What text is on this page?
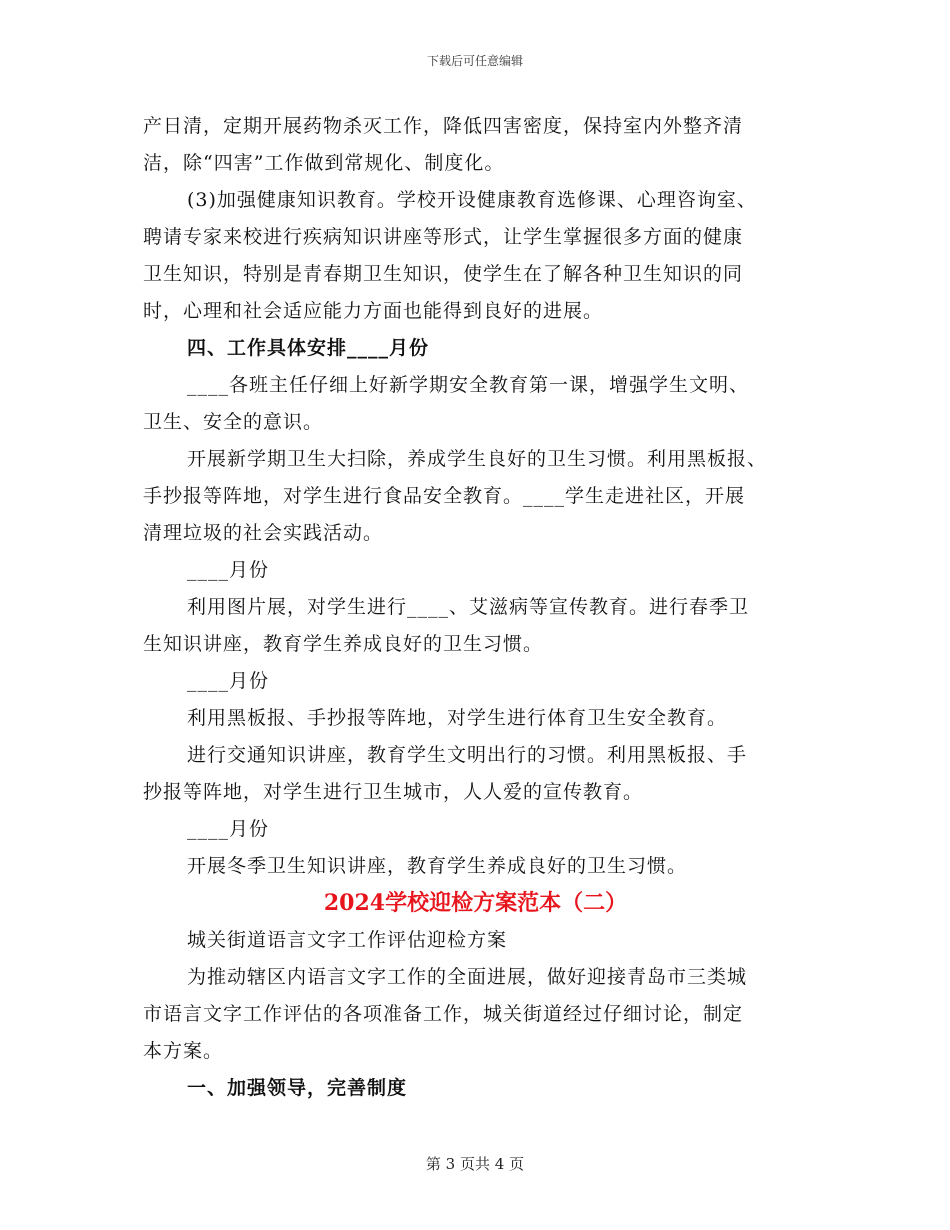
下载后可任意编辑
产日清，定期开展药物杀灭工作，降低四害密度，保持室内外整齐清
洁，除“四害”工作做到常规化、制度化。
(3)加强健康知识教育。学校开设健康教育选修课、心理咨询室、
聘请专家来校进行疾病知识讲座等形式，让学生掌握很多方面的健康
卫生知识，特别是青春期卫生知识，使学生在了解各种卫生知识的同
时，心理和社会适应能力方面也能得到良好的进展。
四、工作具体安排____月份
____各班主任仔细上好新学期安全教育第一课，增强学生文明、
卫生、安全的意识。
开展新学期卫生大扫除，养成学生良好的卫生习惯。利用黑板报、
手抄报等阵地，对学生进行食品安全教育。____学生走进社区，开展
清理垃圾的社会实践活动。
____月份
利用图片展，对学生进行____、艾滋病等宣传教育。进行春季卫
生知识讲座，教育学生养成良好的卫生习惯。
____月份
利用黑板报、手抄报等阵地，对学生进行体育卫生安全教育。
进行交通知识讲座，教育学生文明出行的习惯。利用黑板报、手
抄报等阵地，对学生进行卫生城市，人人爱的宣传教育。
____月份
开展冬季卫生知识讲座，教育学生养成良好的卫生习惯。
2024学校迎检方案范本（二）
城关街道语言文字工作评估迎检方案
为推动辖区内语言文字工作的全面进展，做好迎接青岛市三类城
市语言文字工作评估的各项准备工作，城关街道经过仔细讨论，制定
本方案。
一、加强领导，完善制度
第 3 页共 4 页
